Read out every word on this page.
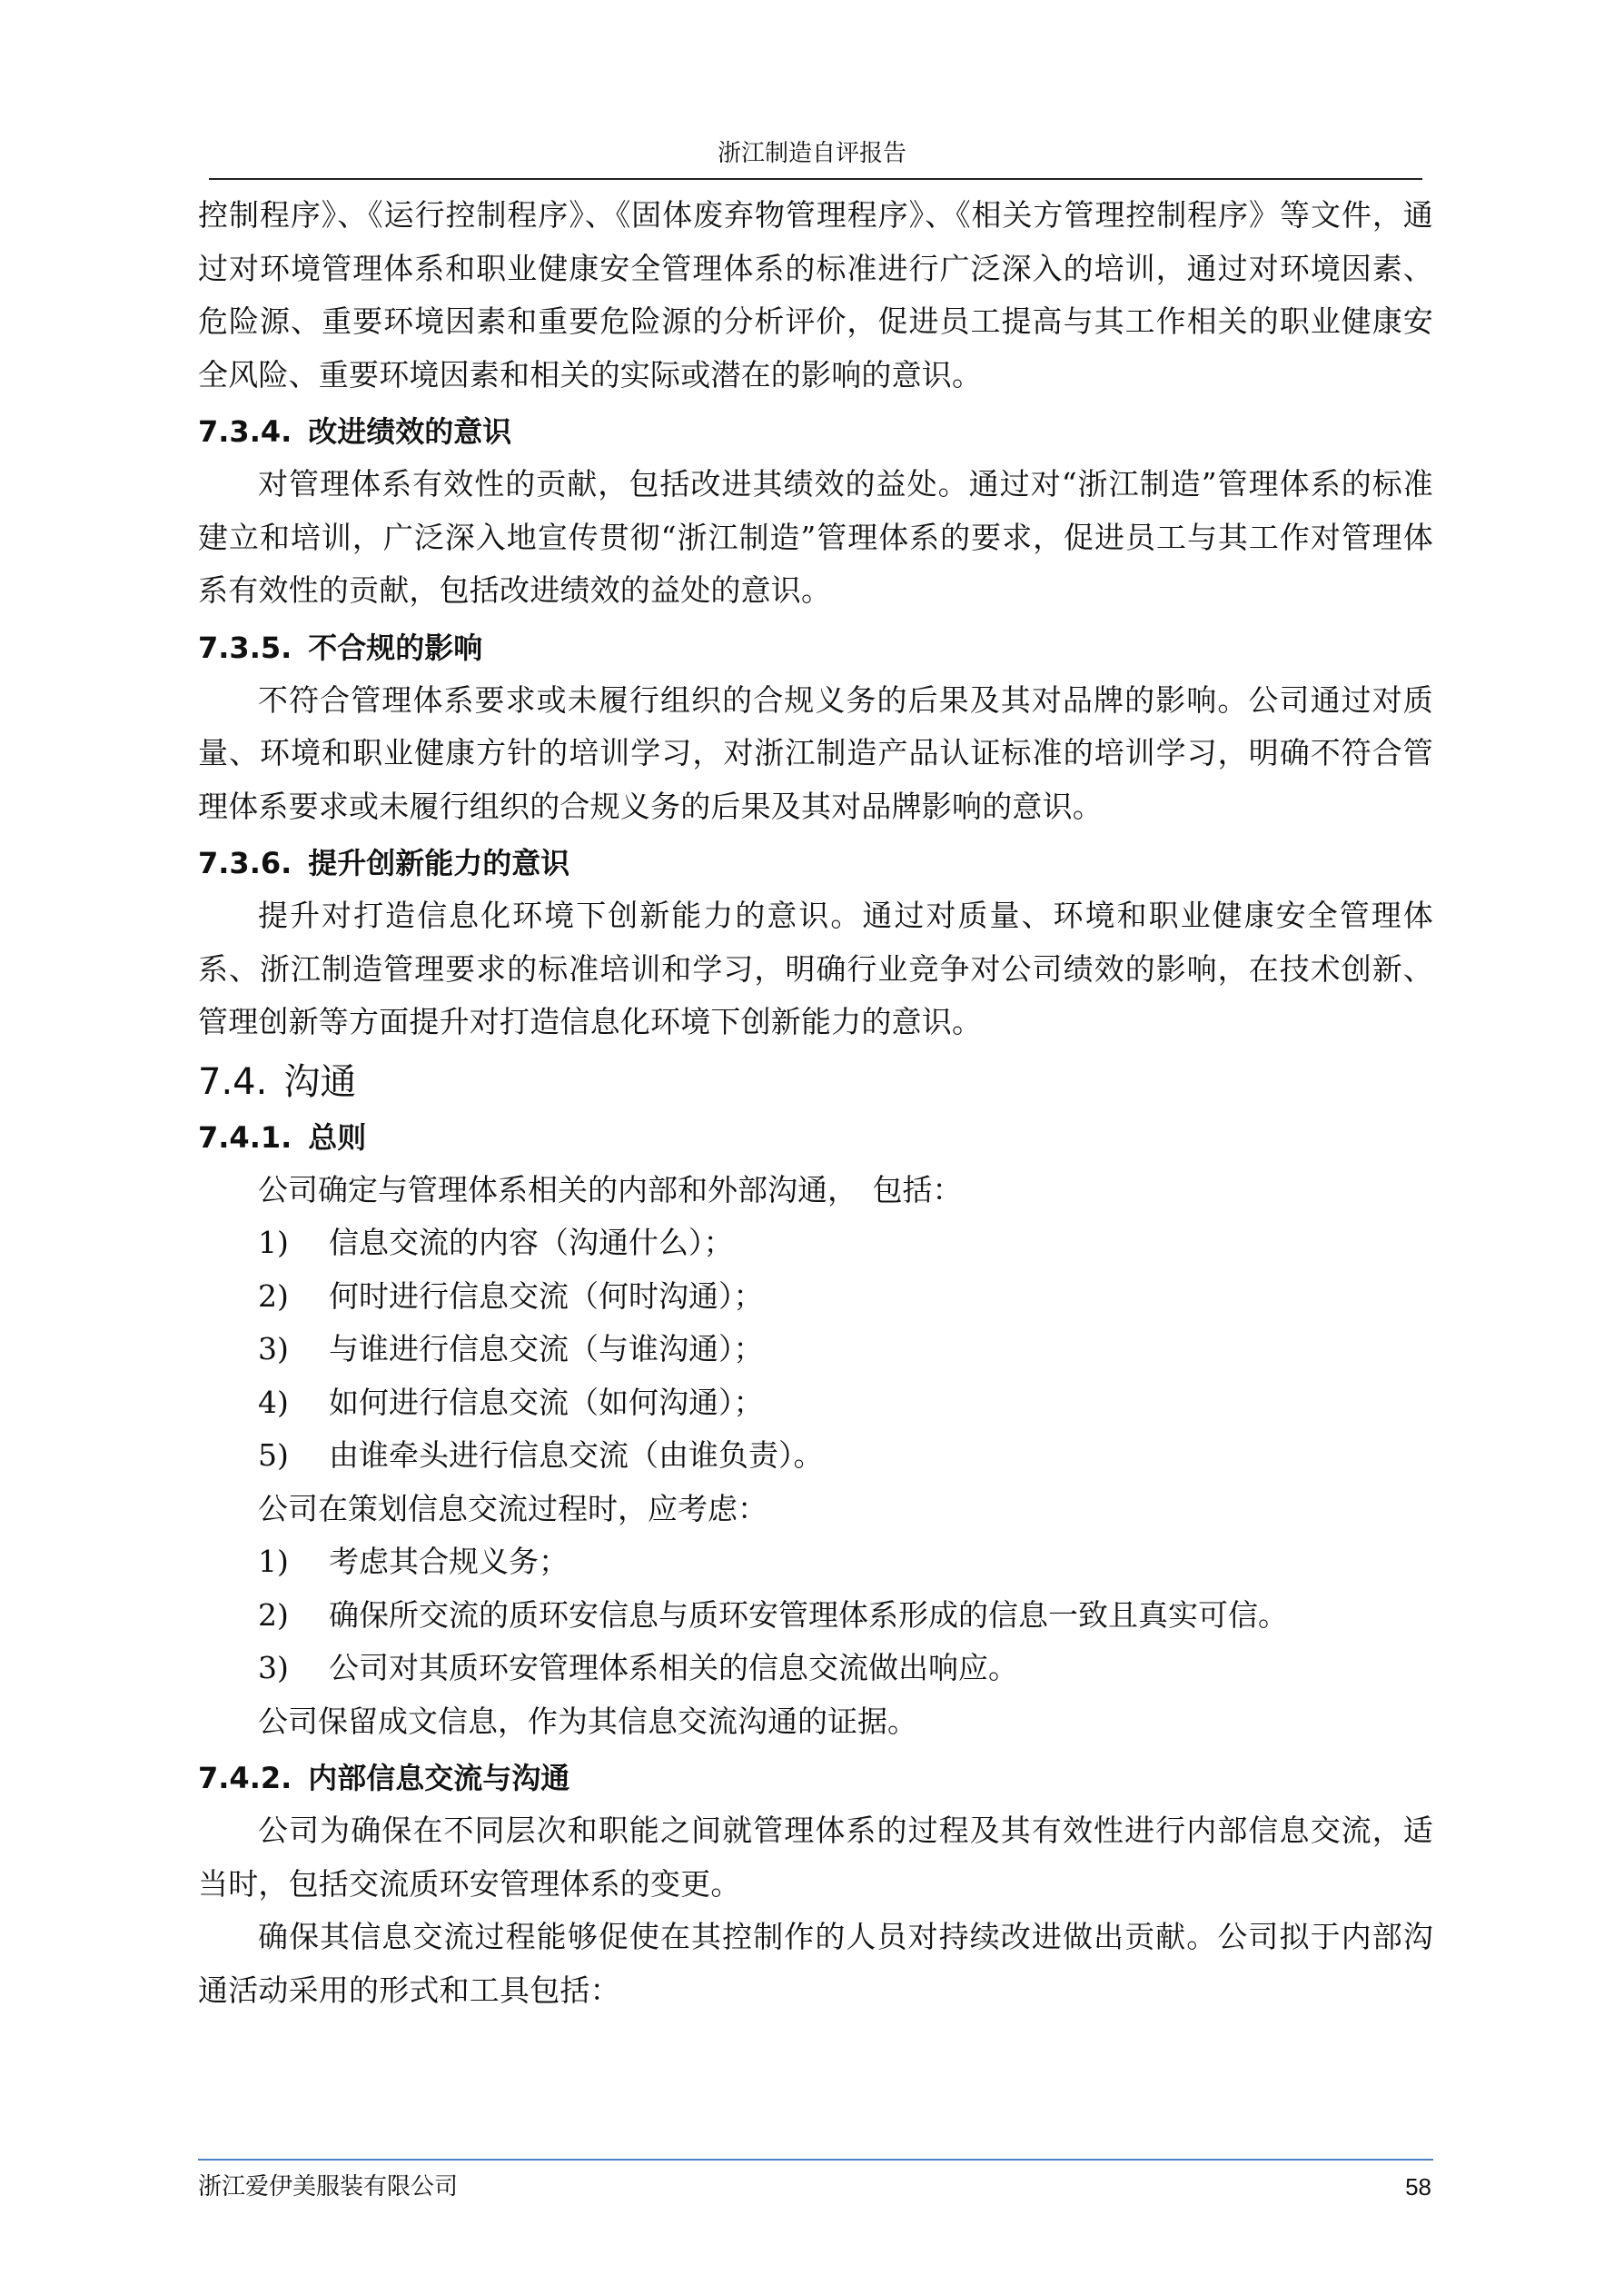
浙江制造自评报告

控制程序》、《运行控制程序》、《固体废弃物管理程序》、《相关方管理控制程序》等文件，通过对环境管理体系和职业健康安全管理体系的标准进行广泛深入的培训，通过对环境因素、危险源、重要环境因素和重要危险源的分析评价，促进员工提高与其工作相关的职业健康安全风险、重要环境因素和相关的实际或潜在的影响的意识。

7.3.4. 改进绩效的意识

对管理体系有效性的贡献，包括改进其绩效的益处。通过对“浙江制造”管理体系的标准建立和培训，广泛深入地宣传贯彻“浙江制造”管理体系的要求，促进员工与其工作对管理体系有效性的贡献，包括改进绩效的益处的意识。

7.3.5. 不合规的影响

不符合管理体系要求或未履行组织的合规义务的后果及其对品牌的影响。公司通过对质量、环境和职业健康方针的培训学习，对浙江制造产品认证标准的培训学习，明确不符合管理体系要求或未履行组织的合规义务的后果及其对品牌影响的意识。

7.3.6. 提升创新能力的意识

提升对打造信息化环境下创新能力的意识。通过对质量、环境和职业健康安全管理体系、浙江制造管理要求的标准培训和学习，明确行业竞争对公司绩效的影响，在技术创新、管理创新等方面提升对打造信息化环境下创新能力的意识。

7.4. 沟通
7.4.1. 总则

公司确定与管理体系相关的内部和外部沟通，　包括：

1) 信息交流的内容（沟通什么）；

2) 何时进行信息交流（何时沟通）；

3) 与谁进行信息交流（与谁沟通）；

4) 如何进行信息交流（如何沟通）；

5) 由谁牵头进行信息交流（由谁负责）。

公司在策划信息交流过程时，应考虑：

1) 考虑其合规义务；

2) 确保所交流的质环安信息与质环安管理体系形成的信息一致且真实可信。

3) 公司对其质环安管理体系相关的信息交流做出响应。

公司保留成文信息，作为其信息交流沟通的证据。

7.4.2. 内部信息交流与沟通

公司为确保在不同层次和职能之间就管理体系的过程及其有效性进行内部信息交流，适当时，包括交流质环安管理体系的变更。

确保其信息交流过程能够促使在其控制作的人员对持续改进做出贡献。公司拟于内部沟通活动采用的形式和工具包括：

浙江爱伊美服装有限公司	58
